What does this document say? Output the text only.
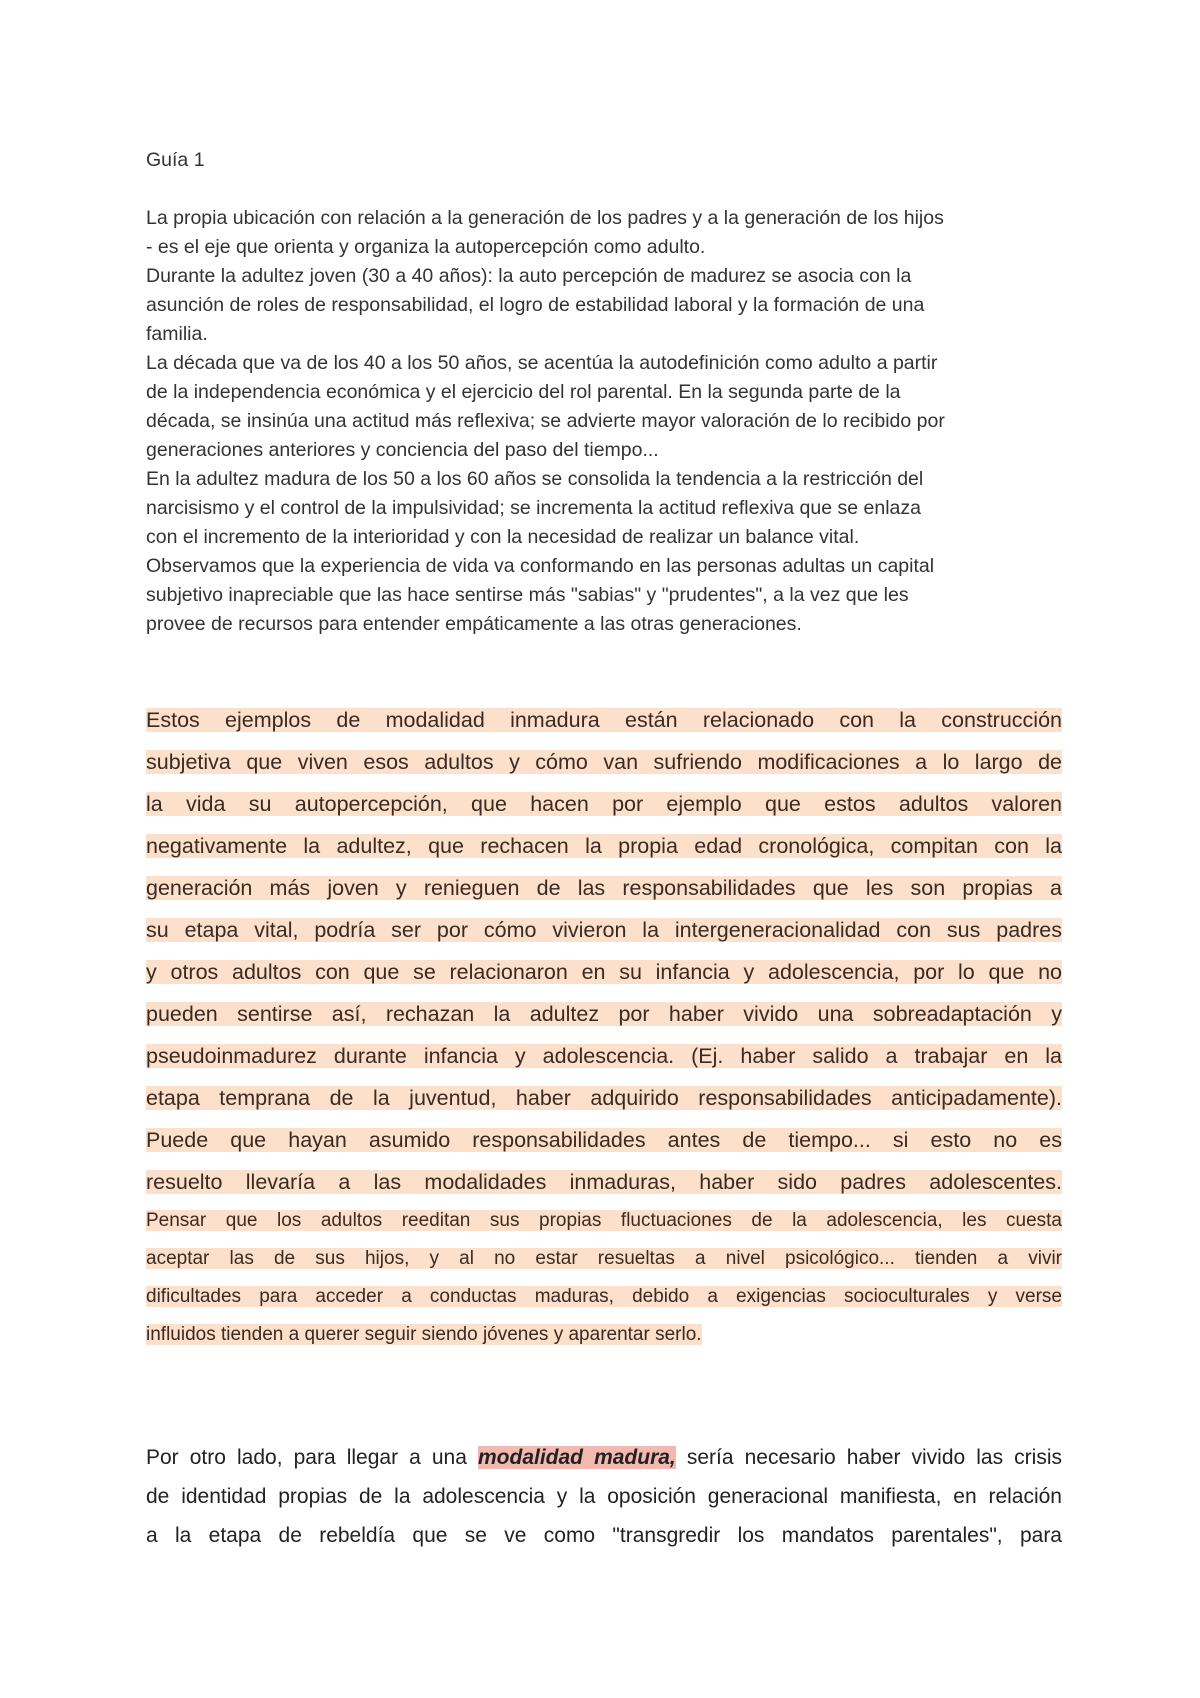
Guía 1
La propia ubicación con relación a la generación de los padres y a la generación de los hijos
- es el eje que orienta y organiza la autopercepción como adulto.
Durante la adultez joven (30 a 40 años): la auto percepción de madurez se asocia con la
asunción de roles de responsabilidad, el logro de estabilidad laboral y la formación de una
familia.
La década que va de los 40 a los 50 años, se acentúa la autodefinición como adulto a partir
de la independencia económica y el ejercicio del rol parental. En la segunda parte de la
década, se insinúa una actitud más reflexiva; se advierte mayor valoración de lo recibido por
generaciones anteriores y conciencia del paso del tiempo...
En la adultez madura de los 50 a los 60 años se consolida la tendencia a la restricción del
narcisismo y el control de la impulsividad; se incrementa la actitud reflexiva que se enlaza
con el incremento de la interioridad y con la necesidad de realizar un balance vital.
Observamos que la experiencia de vida va conformando en las personas adultas un capital
subjetivo inapreciable que las hace sentirse más "sabias" y "prudentes", a la vez que les
provee de recursos para entender empáticamente a las otras generaciones.
Estos ejemplos de modalidad inmadura están relacionado con la construcción
subjetiva que viven esos adultos y cómo van sufriendo modificaciones a lo largo de
la vida su autopercepción, que hacen por ejemplo que estos adultos valoren
negativamente la adultez, que rechacen la propia edad cronológica, compitan con la
generación más joven y renieguen de las responsabilidades que les son propias a
su etapa vital, podría ser por cómo vivieron la intergeneracionalidad con sus padres
y otros adultos con que se relacionaron en su infancia y adolescencia, por lo que no
pueden sentirse así, rechazan la adultez por haber vivido una sobreadaptación y
pseudoinmadurez durante infancia y adolescencia. (Ej. haber salido a trabajar en la
etapa temprana de la juventud, haber adquirido responsabilidades anticipadamente).
Puede que hayan asumido responsabilidades antes de tiempo... si esto no es
resuelto llevaría a las modalidades inmaduras, haber sido padres adolescentes.
Pensar que los adultos reeditan sus propias fluctuaciones de la adolescencia, les cuesta
aceptar las de sus hijos, y al no estar resueltas a nivel psicológico... tienden a vivir
dificultades para acceder a conductas maduras, debido a exigencias socioculturales y verse
influidos tienden a querer seguir siendo jóvenes y aparentar serlo.
Por otro lado, para llegar a una modalidad madura, sería necesario haber vivido las crisis
de identidad propias de la adolescencia y la oposición generacional manifiesta, en relación
a la etapa de rebeldía que se ve como "transgredir los mandatos parentales", para
